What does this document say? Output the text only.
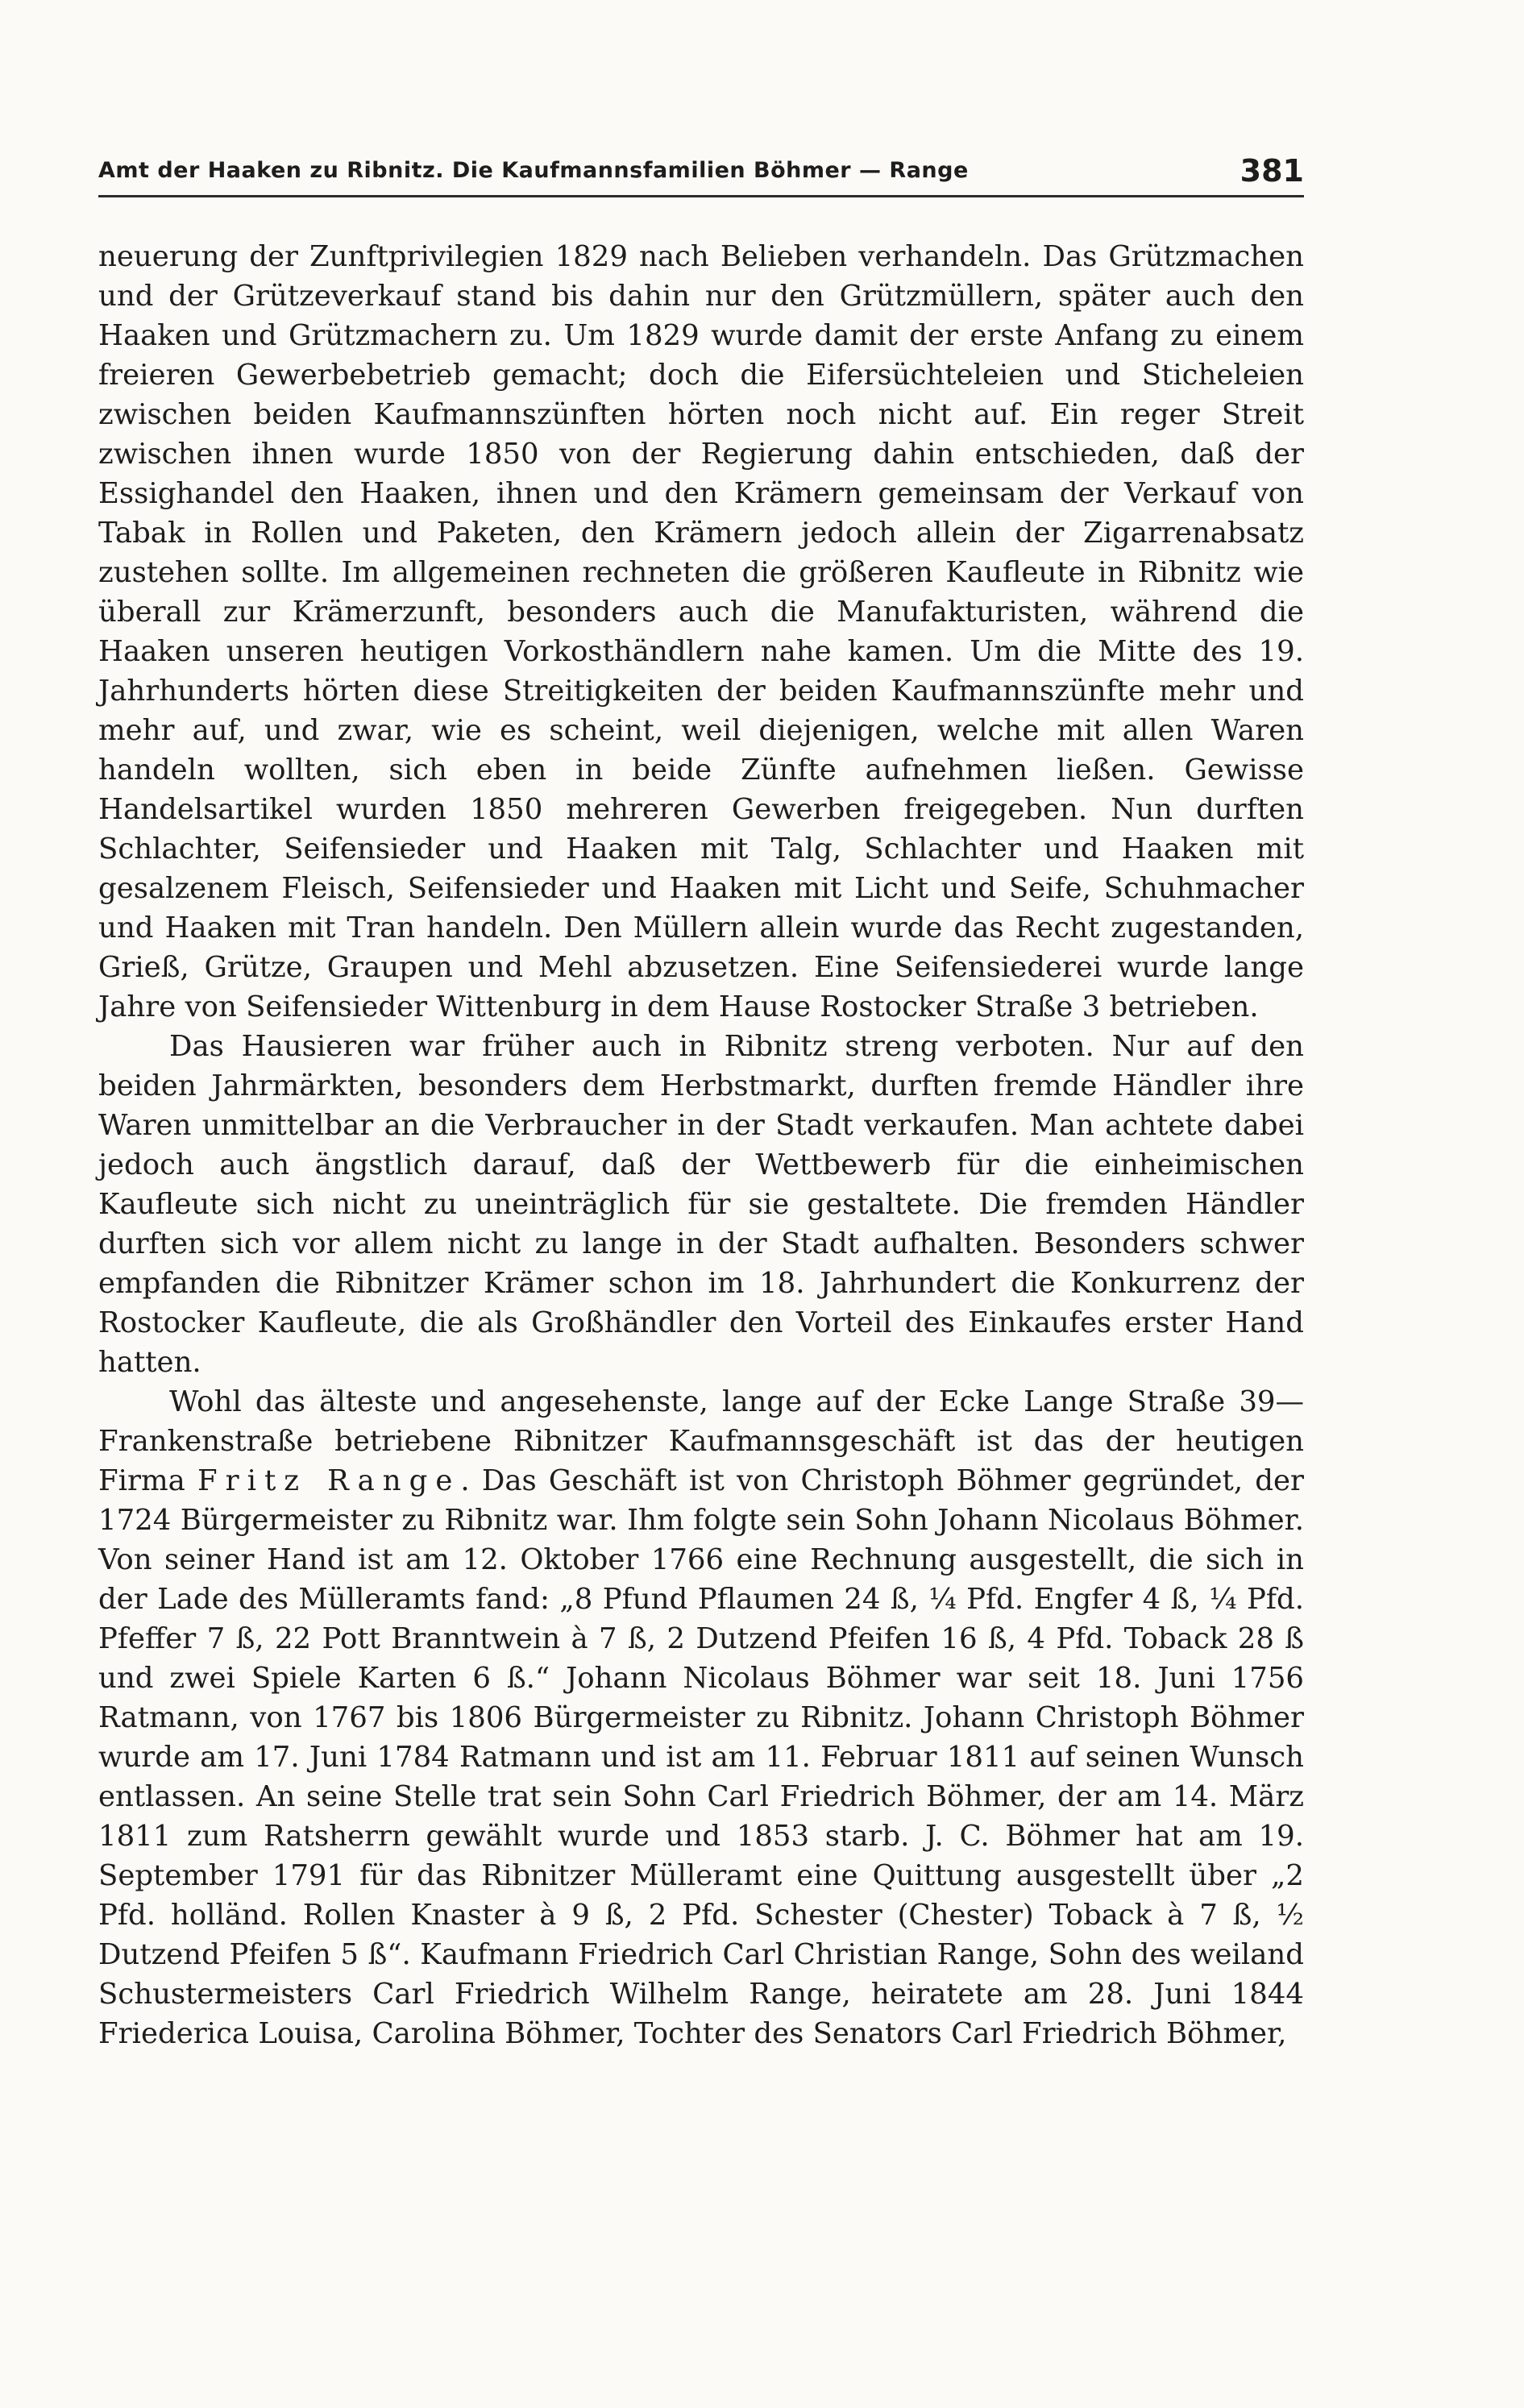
Amt der Haaken zu Ribnitz. Die Kaufmannsfamilien Böhmer — Range	381

neuerung der Zunftprivilegien 1829 nach Belieben verhandeln. Das Grützmachen und der Grützeverkauf stand bis dahin nur den Grützmüllern, später auch den Haaken und Grützmachern zu. Um 1829 wurde damit der erste Anfang zu einem freieren Gewerbebetrieb gemacht; doch die Eifersüchteleien und Sticheleien zwischen beiden Kaufmannszünften hörten noch nicht auf. Ein reger Streit zwischen ihnen wurde 1850 von der Regierung dahin entschieden, daß der Essighandel den Haaken, ihnen und den Krämern gemeinsam der Verkauf von Tabak in Rollen und Paketen, den Krämern jedoch allein der Zigarrenabsatz zustehen sollte. Im allgemeinen rechneten die größeren Kaufleute in Ribnitz wie überall zur Krämerzunft, besonders auch die Manufakturisten, während die Haaken unseren heutigen Vorkosthändlern nahe kamen. Um die Mitte des 19. Jahrhunderts hörten diese Streitigkeiten der beiden Kaufmannszünfte mehr und mehr auf, und zwar, wie es scheint, weil diejenigen, welche mit allen Waren handeln wollten, sich eben in beide Zünfte aufnehmen ließen. Gewisse Handelsartikel wurden 1850 mehreren Gewerben freigegeben. Nun durften Schlachter, Seifensieder und Haaken mit Talg, Schlachter und Haaken mit gesalzenem Fleisch, Seifensieder und Haaken mit Licht und Seife, Schuhmacher und Haaken mit Tran handeln. Den Müllern allein wurde das Recht zugestanden, Grieß, Grütze, Graupen und Mehl abzusetzen. Eine Seifensiederei wurde lange Jahre von Seifensieder Wittenburg in dem Hause Rostocker Straße 3 betrieben.

Das Hausieren war früher auch in Ribnitz streng verboten. Nur auf den beiden Jahrmärkten, besonders dem Herbstmarkt, durften fremde Händler ihre Waren unmittelbar an die Verbraucher in der Stadt verkaufen. Man achtete dabei jedoch auch ängstlich darauf, daß der Wettbewerb für die einheimischen Kaufleute sich nicht zu uneinträglich für sie gestaltete. Die fremden Händler durften sich vor allem nicht zu lange in der Stadt aufhalten. Besonders schwer empfanden die Ribnitzer Krämer schon im 18. Jahrhundert die Konkurrenz der Rostocker Kaufleute, die als Großhändler den Vorteil des Einkaufes erster Hand hatten.

Wohl das älteste und angesehenste, lange auf der Ecke Lange Straße 39—Frankenstraße betriebene Ribnitzer Kaufmannsgeschäft ist das der heutigen Firma Fritz Range. Das Geschäft ist von Christoph Böhmer gegründet, der 1724 Bürgermeister zu Ribnitz war. Ihm folgte sein Sohn Johann Nicolaus Böhmer. Von seiner Hand ist am 12. Oktober 1766 eine Rechnung ausgestellt, die sich in der Lade des Mülleramts fand: „8 Pfund Pflaumen 24 ß, ¼ Pfd. Engfer 4 ß, ¼ Pfd. Pfeffer 7 ß, 22 Pott Branntwein à 7 ß, 2 Dutzend Pfeifen 16 ß, 4 Pfd. Toback 28 ß und zwei Spiele Karten 6 ß.“ Johann Nicolaus Böhmer war seit 18. Juni 1756 Ratmann, von 1767 bis 1806 Bürgermeister zu Ribnitz. Johann Christoph Böhmer wurde am 17. Juni 1784 Ratmann und ist am 11. Februar 1811 auf seinen Wunsch entlassen. An seine Stelle trat sein Sohn Carl Friedrich Böhmer, der am 14. März 1811 zum Ratsherrn gewählt wurde und 1853 starb. J. C. Böhmer hat am 19. September 1791 für das Ribnitzer Mülleramt eine Quittung ausgestellt über „2 Pfd. holländ. Rollen Knaster à 9 ß, 2 Pfd. Schester (Chester) Toback à 7 ß, ½ Dutzend Pfeifen 5 ß“. Kaufmann Friedrich Carl Christian Range, Sohn des weiland Schustermeisters Carl Friedrich Wilhelm Range, heiratete am 28. Juni 1844 Friederica Louisa, Carolina Böhmer, Tochter des Senators Carl Friedrich Böhmer,
